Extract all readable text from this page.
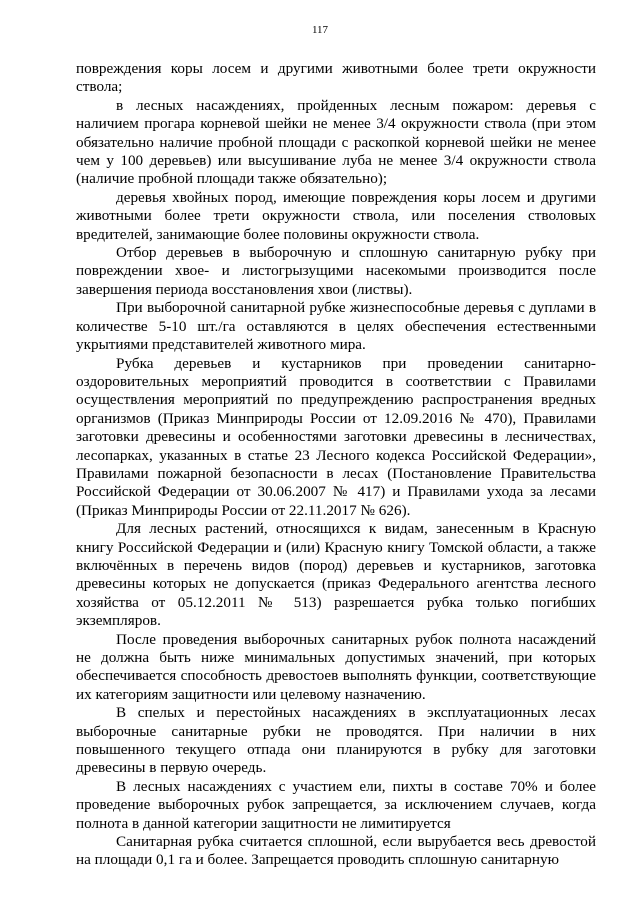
117

повреждения коры лосем и другими животными более трети окружности ствола;

в лесных насаждениях, пройденных лесным пожаром: деревья с наличием прогара корневой шейки не менее 3/4 окружности ствола (при этом обязательно наличие пробной площади с раскопкой корневой шейки не менее чем у 100 деревьев) или высушивание луба не менее 3/4 окружности ствола (наличие пробной площади также обязательно);

деревья хвойных пород, имеющие повреждения коры лосем и другими животными более трети окружности ствола, или поселения стволовых вредителей, занимающие более половины окружности ствола.

Отбор деревьев в выборочную и сплошную санитарную рубку при повреждении хвое- и листогрызущими насекомыми производится после завершения периода восстановления хвои (листвы).

При выборочной санитарной рубке жизнеспособные деревья с дуплами в количестве 5-10 шт./га оставляются в целях обеспечения естественными укрытиями представителей животного мира.

Рубка деревьев и кустарников при проведении санитарно-оздоровительных мероприятий проводится в соответствии с Правилами осуществления мероприятий по предупреждению распространения вредных организмов (Приказ Минприроды России от 12.09.2016 № 470), Правилами заготовки древесины и особенностями заготовки древесины в лесничествах, лесопарках, указанных в статье 23 Лесного кодекса Российской Федерации», Правилами пожарной безопасности в лесах (Постановление Правительства Российской Федерации от 30.06.2007 № 417) и Правилами ухода за лесами (Приказ Минприроды России от 22.11.2017 № 626).

Для лесных растений, относящихся к видам, занесенным в Красную книгу Российской Федерации и (или) Красную книгу Томской области, а также включённых в перечень видов (пород) деревьев и кустарников, заготовка древесины которых не допускается (приказ Федерального агентства лесного хозяйства от 05.12.2011 № 513) разрешается рубка только погибших экземпляров.

После проведения выборочных санитарных рубок полнота насаждений не должна быть ниже минимальных допустимых значений, при которых обеспечивается способность древостоев выполнять функции, соответствующие их категориям защитности или целевому назначению.

В спелых и перестойных насаждениях в эксплуатационных лесах выборочные санитарные рубки не проводятся. При наличии в них повышенного текущего отпада они планируются в рубку для заготовки древесины в первую очередь.

В лесных насаждениях с участием ели, пихты в составе 70% и более проведение выборочных рубок запрещается, за исключением случаев, когда полнота в данной категории защитности не лимитируется

Санитарная рубка считается сплошной, если вырубается весь древостой на площади 0,1 га и более. Запрещается проводить сплошную санитарную
